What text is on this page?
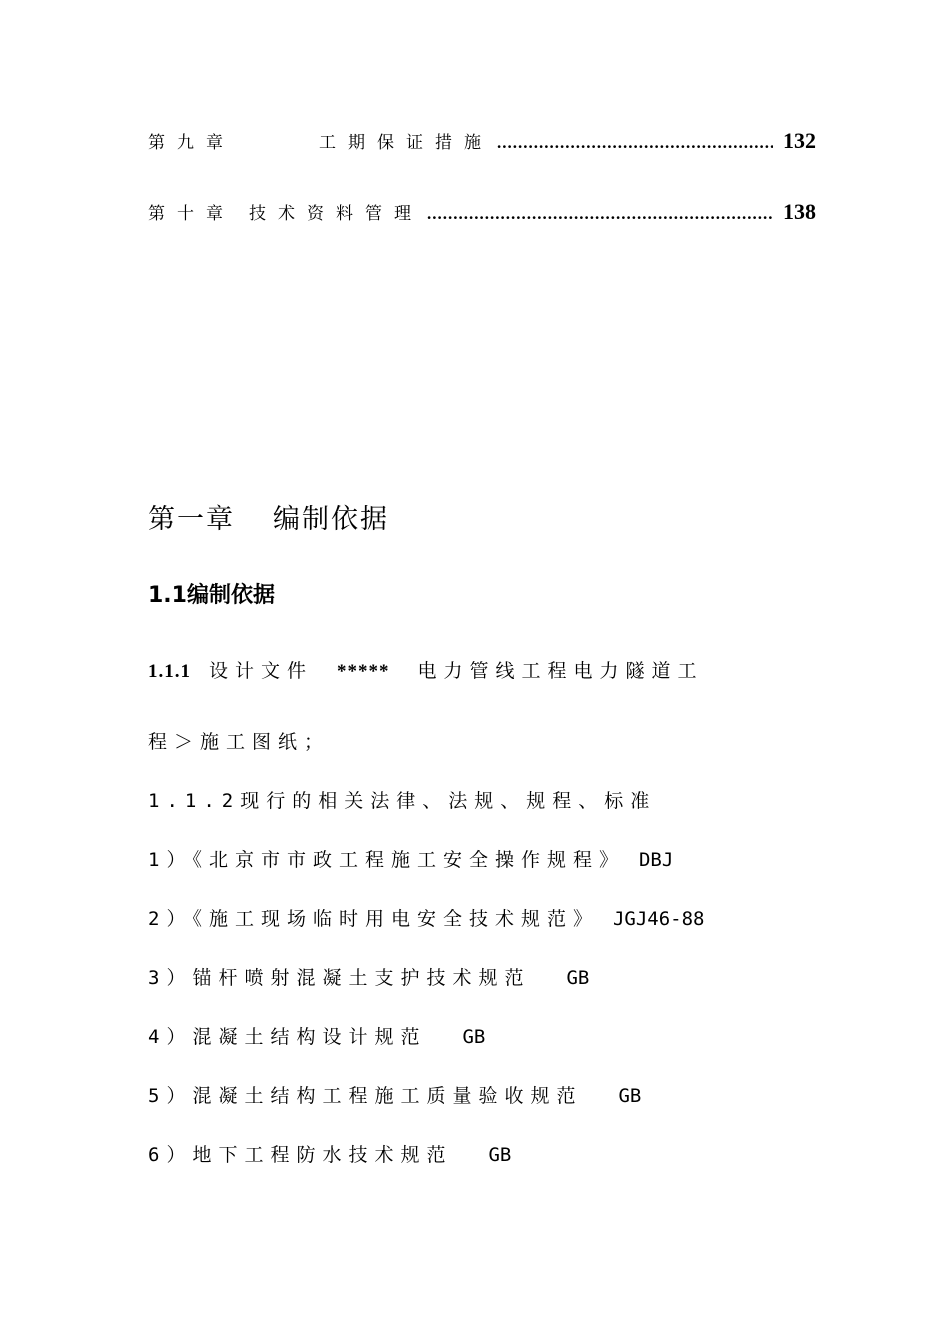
第九章	工期保证措施 .....	132
第十章 技术资料管理 .....	138
第一章 编制依据
1.1编制依据
1.1.1 设计文件 ***** 电力管线工程电力隧道工
程＞施工图纸；
1.1.2现行的相关法律、法规、规程、标准
1）《北京市市政工程施工安全操作规程》 DBJ
2）《施工现场临时用电安全技术规范》 JGJ46-88
3）锚杆喷射混凝土支护技术规范 GB
4）混凝土结构设计规范 GB
5）混凝土结构工程施工质量验收规范 GB
6）地下工程防水技术规范 GB
